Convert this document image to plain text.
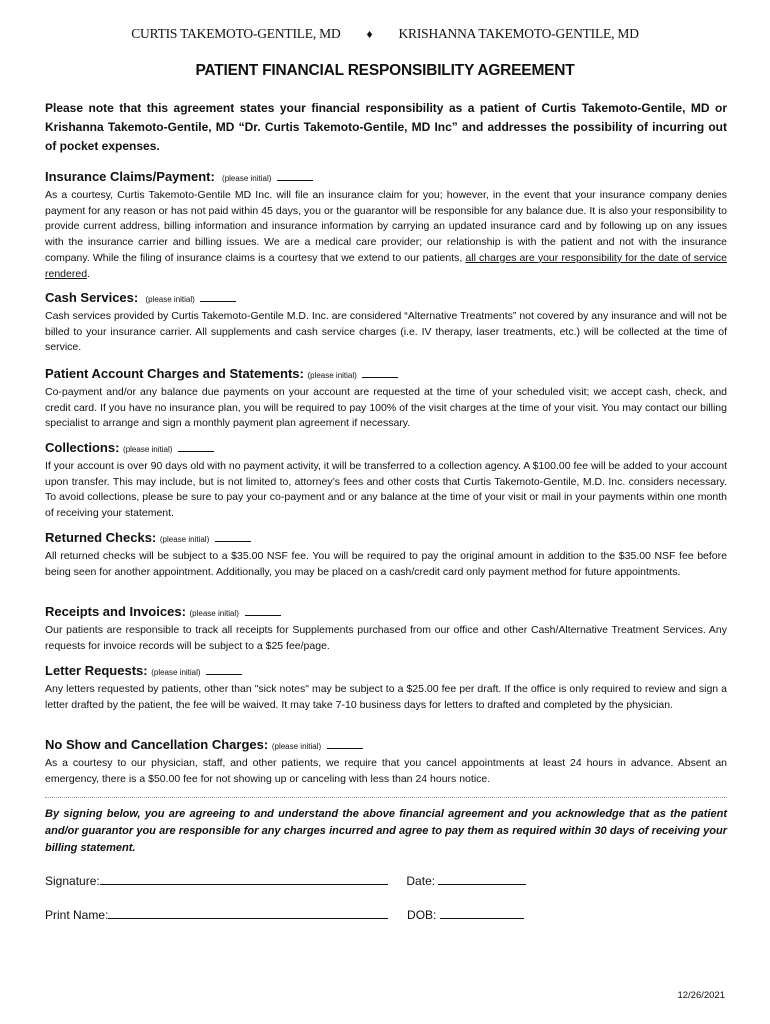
CURTIS TAKEMOTO-GENTILE, MD ♦ KRISHANNA TAKEMOTO-GENTILE, MD
PATIENT FINANCIAL RESPONSIBILITY AGREEMENT
Please note that this agreement states your financial responsibility as a patient of Curtis Takemoto-Gentile, MD or Krishanna Takemoto-Gentile, MD “Dr. Curtis Takemoto-Gentile, MD Inc” and addresses the possibility of incurring out of pocket expenses.
Insurance Claims/Payment:  (please initial)

As a courtesy, Curtis Takemoto-Gentile MD Inc. will file an insurance claim for you; however, in the event that your insurance company denies payment for any reason or has not paid within 45 days, you or the guarantor will be responsible for any balance due. It is also your responsibility to provide current address, billing information and insurance information by carrying an updated insurance card and by following up on any issues with the insurance carrier and billing issues. We are a medical care provider; our relationship is with the patient and not with the insurance company. While the filing of insurance claims is a courtesy that we extend to our patients, all charges are your responsibility for the date of service rendered.

Cash Services:  (please initial)

Cash services provided by Curtis Takemoto-Gentile M.D. Inc. are considered “Alternative Treatments” not covered by any insurance and will not be billed to your insurance carrier. All supplements and cash service charges (i.e. IV therapy, laser treatments, etc.) will be collected at the time of service.

Patient Account Charges and Statements: (please initial)

Co-payment and/or any balance due payments on your account are requested at the time of your scheduled visit; we accept cash, check, and credit card. If you have no insurance plan, you will be required to pay 100% of the visit charges at the time of your visit. You may contact our billing specialist to arrange and sign a monthly payment plan agreement if necessary.

Collections: (please initial)

If your account is over 90 days old with no payment activity, it will be transferred to a collection agency. A $100.00 fee will be added to your account upon transfer. This may include, but is not limited to, attorney’s fees and other costs that Curtis Takemoto-Gentile, M.D. Inc. considers necessary. To avoid collections, please be sure to pay your co-payment and or any balance at the time of your visit or mail in your payments within one month of receiving your statement.

Returned Checks: (please initial)

All returned checks will be subject to a $35.00 NSF fee. You will be required to pay the original amount in addition to the $35.00 NSF fee before being seen for another appointment. Additionally, you may be placed on a cash/credit card only payment method for future appointments.

Receipts and Invoices: (please initial)

Our patients are responsible to track all receipts for Supplements purchased from our office and other Cash/Alternative Treatment Services. Any requests for invoice records will be subject to a $25 fee/page.

Letter Requests: (please initial)

Any letters requested by patients, other than "sick notes" may be subject to a $25.00 fee per draft. If the office is only required to review and sign a letter drafted by the patient, the fee will be waived. It may take 7-10 business days for letters to drafted and completed by the physician.

No Show and Cancellation Charges: (please initial)

As a courtesy to our physician, staff, and other patients, we require that you cancel appointments at least 24 hours in advance. Absent an emergency, there is a $50.00 fee for not showing up or canceling with less than 24 hours notice.

By signing below, you are agreeing to and understand the above financial agreement and you acknowledge that as the patient and/or guarantor you are responsible for any charges incurred and agree to pay them as required within 30 days of receiving your billing statement.
Signature:	Date:
Print Name:	DOB:
12/26/2021
